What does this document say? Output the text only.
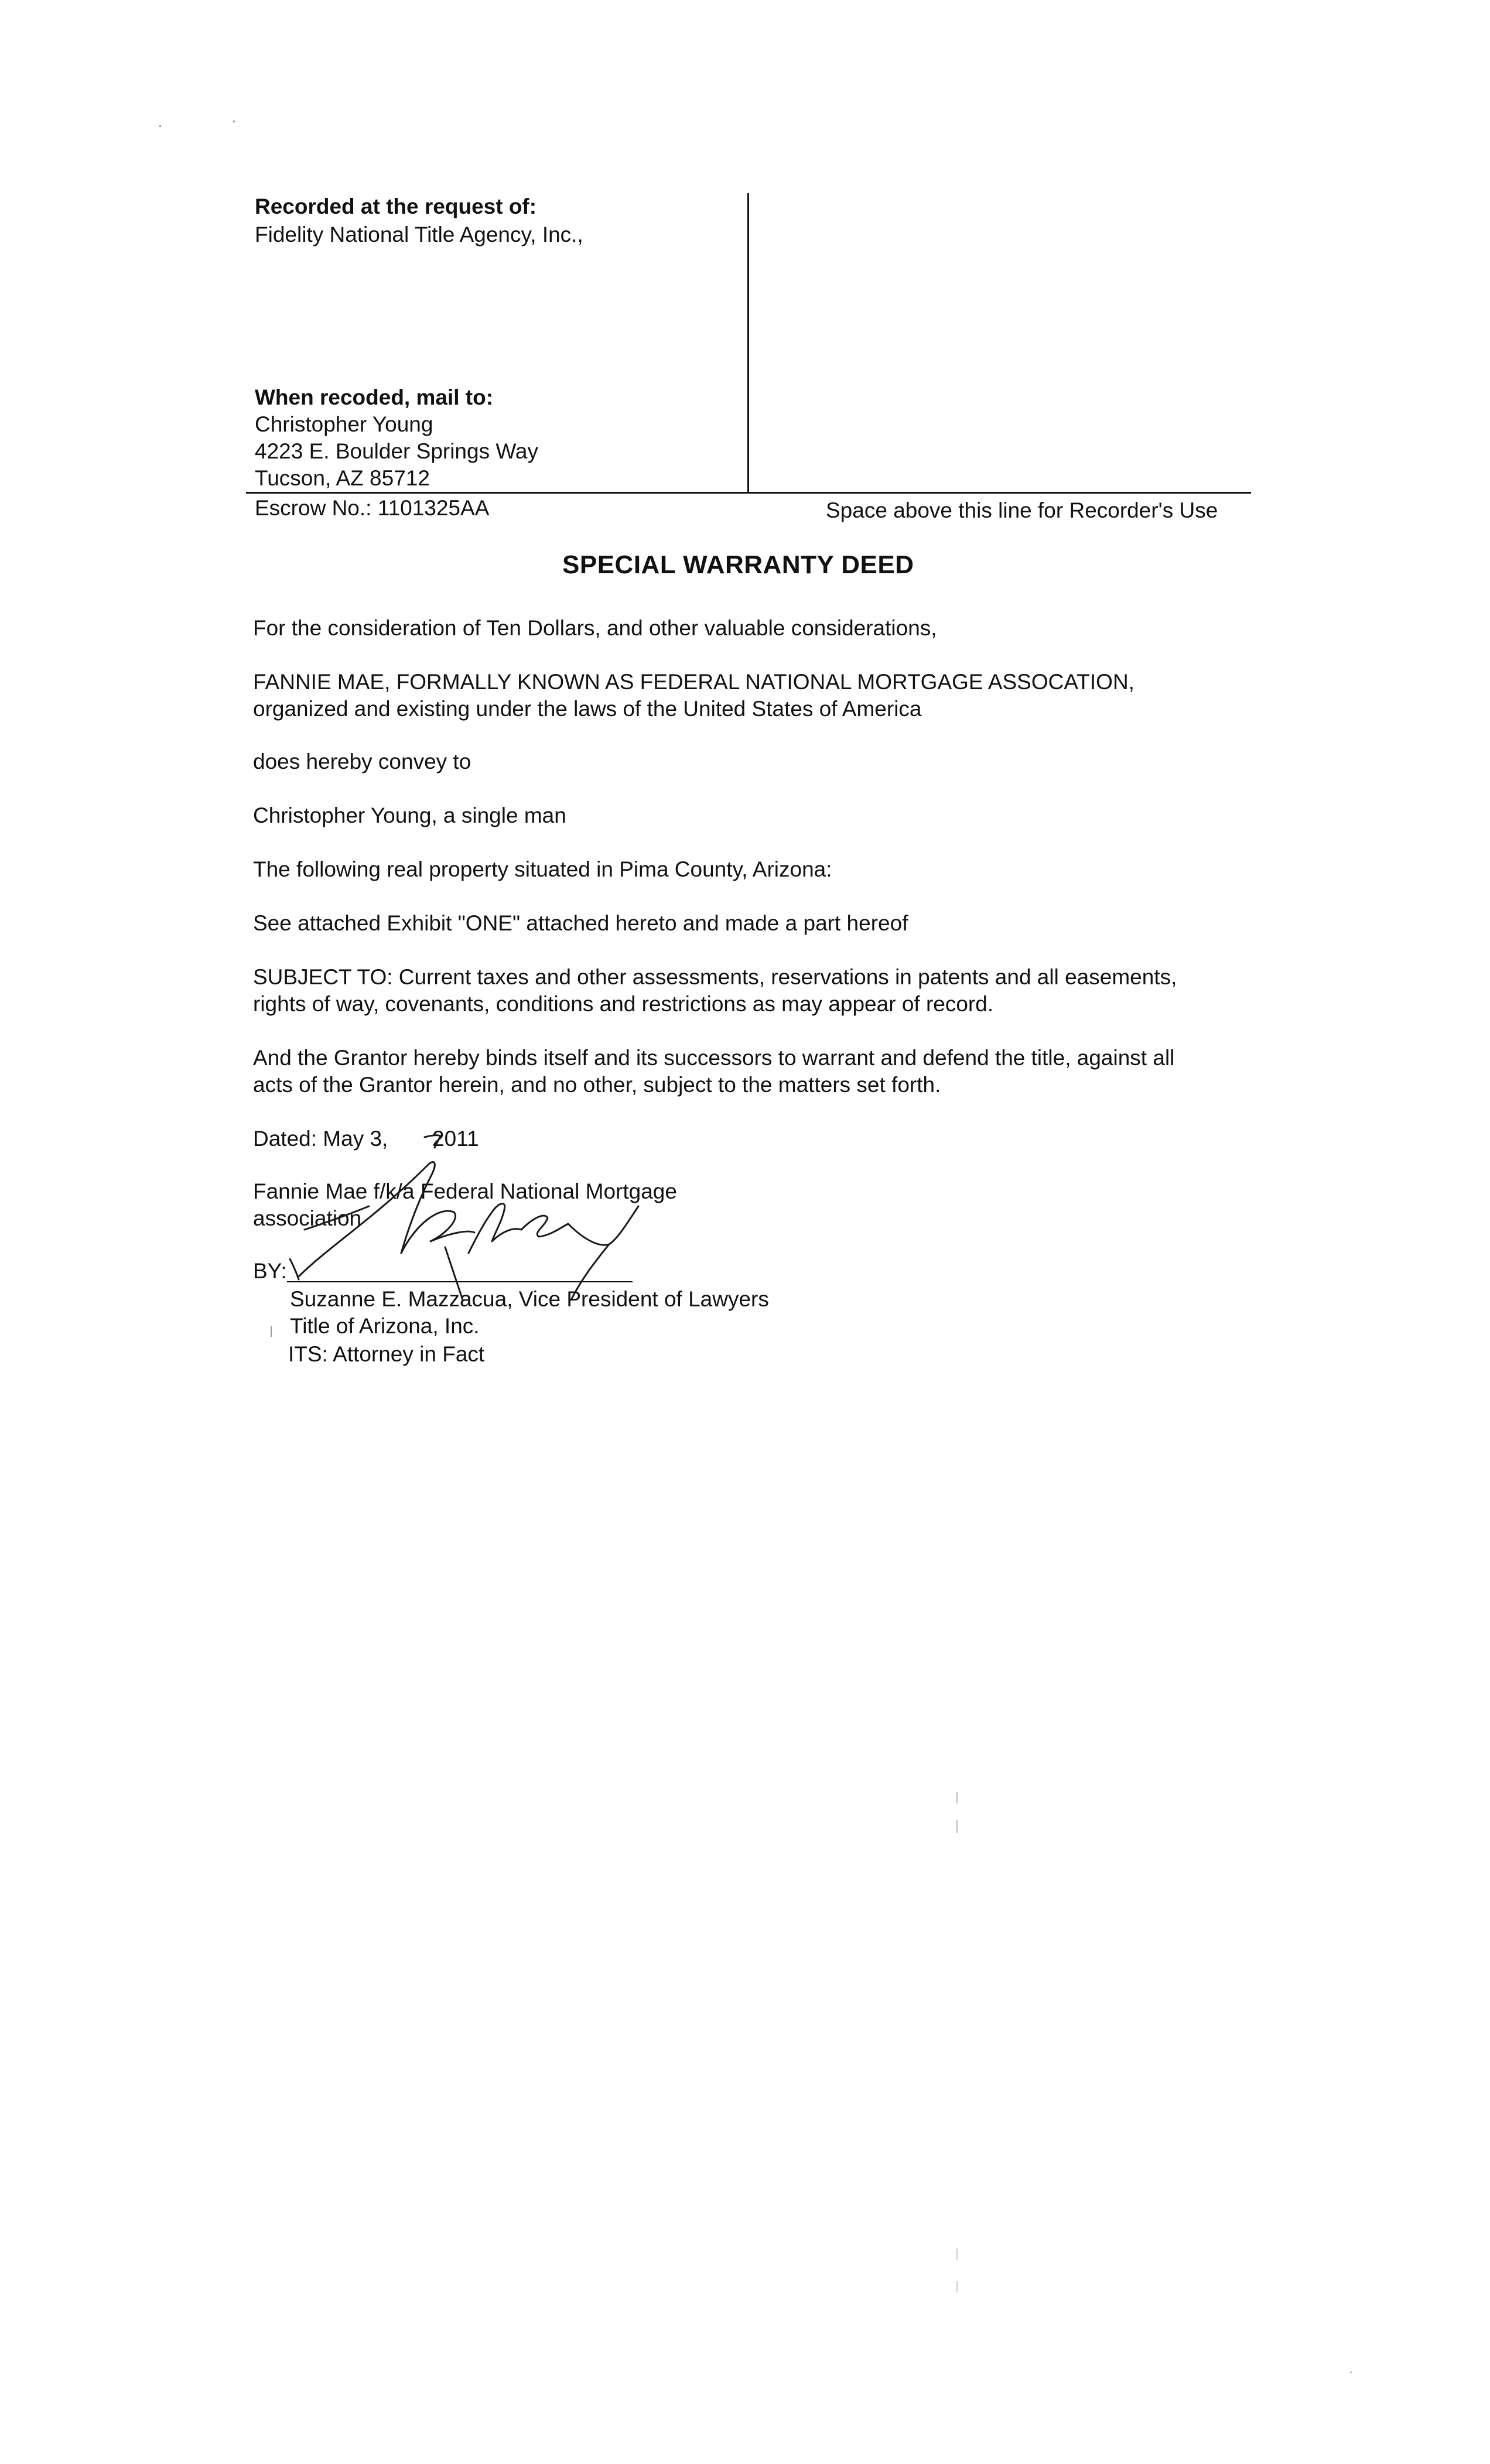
Recorded at the request of:
Fidelity National Title Agency, Inc.,
When recoded, mail to:
Christopher Young
4223 E. Boulder Springs Way
Tucson, AZ 85712
Escrow No.: 1101325AA	Space above this line for Recorder's Use
SPECIAL WARRANTY DEED
For the consideration of Ten Dollars, and other valuable considerations,
FANNIE MAE, FORMALLY KNOWN AS FEDERAL NATIONAL MORTGAGE ASSOCATION,
organized and existing under the laws of the United States of America
does hereby convey to
Christopher Young, a single man
The following real property situated in Pima County, Arizona:
See attached Exhibit "ONE" attached hereto and made a part hereof
SUBJECT TO: Current taxes and other assessments, reservations in patents and all easements,
rights of way, covenants, conditions and restrictions as may appear of record.
And the Grantor hereby binds itself and its successors to warrant and defend the title, against all
acts of the Grantor herein, and no other, subject to the matters set forth.
Dated: May 3, 2011
Fannie Mae f/k/a Federal National Mortgage
association
BY:
Suzanne E. Mazzacua, Vice President of Lawyers
Title of Arizona, Inc.
ITS: Attorney in Fact
